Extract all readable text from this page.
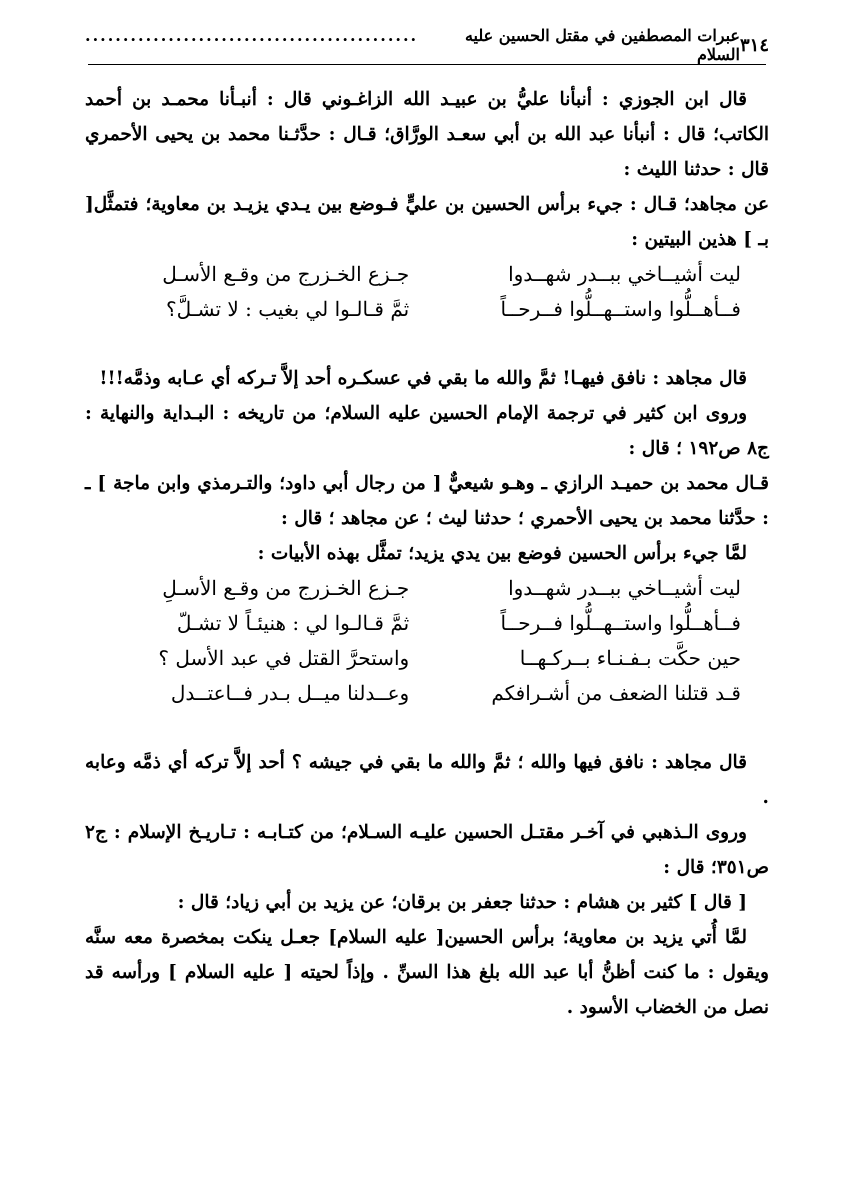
٣١٤
عبرات المصطفين في مقتل الحسين عليه السلام
............................................

قال ابن الجوزي : أنبأنا عليُّ بن عبيـد الله الزاغـوني قال : أنبـأنا محمـد بن أحمد الكاتب؛ قال : أنبأنا عبد الله بن أبي سعـد الورَّاق؛ قـال : حدَّثـنا محمد بن يحيى الأحمري قال : حدثنا الليث :

عن مجاهد؛ قـال : جيء برأس الحسين بن عليٍّ فـوضع بين يـدي يزيـد بن معاوية؛ فتمثَّل[ بـ ] هذين البيتين :

ليت أشيــاخي ببــدر شهــدوا
جـزع الخـزرج من وقـع الأسـل
فــأهــلُّوا واستــهــلُّوا فــرحــاً
ثمَّ قـالـوا لي بغيب : لا تشـلَّ؟

قال مجاهد : نافق فيهـا! ثمَّ والله ما بقي في عسكـره أحد إلاَّ تـركه أي عـابه وذمَّه!!!

وروى ابن كثير في ترجمة الإمام الحسين عليه السلام؛ من تاريخه : البـداية والنهاية : ج٨ ص١٩٢ ؛ قال :

قـال محمد بن حميـد الرازي ـ وهـو شيعيٌّ [ من رجال أبي داود؛ والتـرمذي وابن ماجة ] ـ : حدَّثنا محمد بن يحيى الأحمري ؛ حدثنا ليث ؛ عن مجاهد ؛ قال :

لمَّا جيء برأس الحسين فوضع بين يدي يزيد؛ تمثَّل بهذه الأبيات :

ليت أشيــاخي ببــدر شهــدوا
جـزع الخـزرج من وقـع الأسـلِ
فــأهــلُّوا واستــهــلُّوا فــرحــاً
ثمَّ قـالـوا لي : هنيئـاً لا تشـلّ
حين حكَّت بـفـنـاء بــركـهــا
واستحرَّ القتل في عبد الأسل ؟
قـد قتلنا الضعف من أشـرافكم
وعــدلنا ميــل بـدر فــاعتــدل

قال مجاهد : نافق فيها والله ؛ ثمَّ والله ما بقي في جيشه ؟ أحد إلاَّ تركه أي ذمَّه وعابه .

وروى الـذهبي في آخـر مقتـل الحسين عليـه السـلام؛ من كتـابـه : تـاريـخ الإسلام : ج٢ ص٣٥١؛ قال :

[ قال ] كثير بن هشام : حدثنا جعفر بن برقان؛ عن يزيد بن أبي زياد؛ قال :

لمَّا أُتي يزيد بن معاوية؛ برأس الحسين[ عليه السلام] جعـل ينكت بمخصرة معه سنَّه ويقول : ما كنت أظنُّ أبا عبد الله بلغ هذا السنِّ . وإذاً لحيته [ عليه السلام ] ورأسه قد نصل من الخضاب الأسود .
